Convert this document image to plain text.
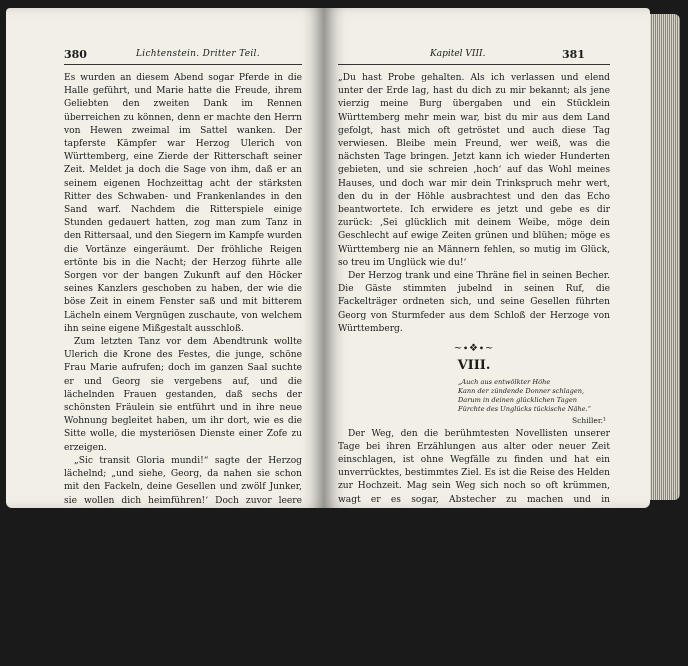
380	Lichtenstein. Dritter Teil.

Es wurden an diesem Abend sogar Pferde in die Halle geführt, und Marie hatte die Freude, ihrem Geliebten den zweiten Dank im Rennen überreichen zu können, denn er machte den Herrn von Hewen zweimal im Sattel wanken. Der tapferste Kämpfer war Herzog Ulerich von Württemberg, eine Zierde der Ritterschaft seiner Zeit. Meldet ja doch die Sage von ihm, daß er an seinem eigenen Hochzeittag acht der stärksten Ritter des Schwaben- und Frankenlandes in den Sand warf. Nachdem die Ritterspiele einige Stunden gedauert hatten, zog man zum Tanz in den Rittersaal, und den Siegern im Kampfe wurden die Vortänze eingeräumt. Der fröhliche Reigen ertönte bis in die Nacht; der Herzog führte alle Sorgen vor der bangen Zukunft auf den Höcker seines Kanzlers geschoben zu haben, der wie die böse Zeit in einem Fenster saß und mit bitterem Lächeln einem Vergnügen zuschaute, von welchem ihn seine eigene Mißgestalt ausschloß.

Zum letzten Tanz vor dem Abendtrunk wollte Ulerich die Krone des Festes, die junge, schöne Frau Marie aufrufen; doch im ganzen Saal suchte er und Georg sie vergebens auf, und die lächelnden Frauen gestanden, daß sechs der schönsten Fräulein sie entführt und in ihre neue Wohnung begleitet haben, um ihr dort, wie es die Sitte wolle, die mysteriösen Dienste einer Zofe zu erzeigen.

„Sic transit Gloria mundi!“ sagte der Herzog lächelnd; „und siehe, Georg, da nahen sie schon mit den Fackeln, deine Gesellen und zwölf Junker, sie wollen dich heimführen!‘ Doch zuvor leere noch einen Becher mit uns – geh' Mundschenk! bring' vom besten.“

Marx Stumpf von Schweinsberg und Dietrich von Kraft nahten sich mit Fackeln und boten sich an, Georg nach Hause zu geleiten. An sie schlossen sich zwölf Junker, ebenfalls mit Fackeln an, um dem jungen Mann diese Ehre zu erweisen, denn so wollte es die Sitte der guten alten Zeit. Der Mundschenk goß die Becher voll und kredenzte sie seinem Herzog und Georg von Sturmfeder.

Ulerich sah ihn lange und nicht ohne Rührung an; er drückte seine Hand und sagte:

Kapitel VIII.	381

„Du hast Probe gehalten. Als ich verlassen und elend unter der Erde lag, hast du dich zu mir bekannt; als jene vierzig meine Burg übergaben und ein Stücklein Württemberg mehr mein war, bist du mir aus dem Land gefolgt, hast mich oft getröstet und auch diese Tag verwiesen. Bleibe mein Freund, wer weiß, was die nächsten Tage bringen. Jetzt kann ich wieder Hunderten gebieten, und sie schreien ‚hoch‘ auf das Wohl meines Hauses, und doch war mir dein Trinkspruch mehr wert, den du in der Höhle ausbrachtest und den das Echo beantwortete. Ich erwidere es jetzt und gebe es dir zurück: ‚Sei glücklich mit deinem Weibe, möge dein Geschlecht auf ewige Zeiten grünen und blühen; möge es Württemberg nie an Männern fehlen, so mutig im Glück, so treu im Unglück wie du!‘

Der Herzog trank und eine Thräne fiel in seinen Becher. Die Gäste stimmten jubelnd in seinen Ruf, die Fackelträger ordneten sich, und seine Gesellen führten Georg von Sturmfeder aus dem Schloß der Herzoge von Württemberg.

~∙❖∙~
VIII.
„Auch aus entwölkter Höhe
Kann der zündende Donner schlagen,
Darum in deinen glücklichen Tagen
Fürchte des Unglücks tückische Nähe.“
Schiller.¹

Der Weg, den die berühmtesten Novellisten unserer Tage bei ihren Erzählungen aus alter oder neuer Zeit einschlagen, ist ohne Wegfälle zu finden und hat ein unverrücktes, bestimmtes Ziel. Es ist die Reise des Helden zur Hochzeit. Mag sein Weg sich noch so oft krümmen, wagt er es sogar, Abstecher zu machen und in Wirtshäusern und Burgen ungebührlich lange zu verweilen, er eilt nachher um so rascheren Schrittes seinem Ziele zu, und wenn er endlich nach so vielen Leiden mit gehöriger Würde in die Brautkammer geschoben ist, pflegt der Autor dem

¹ Worte des Chorführers Cajetan aus der „Braut von Messina“.
